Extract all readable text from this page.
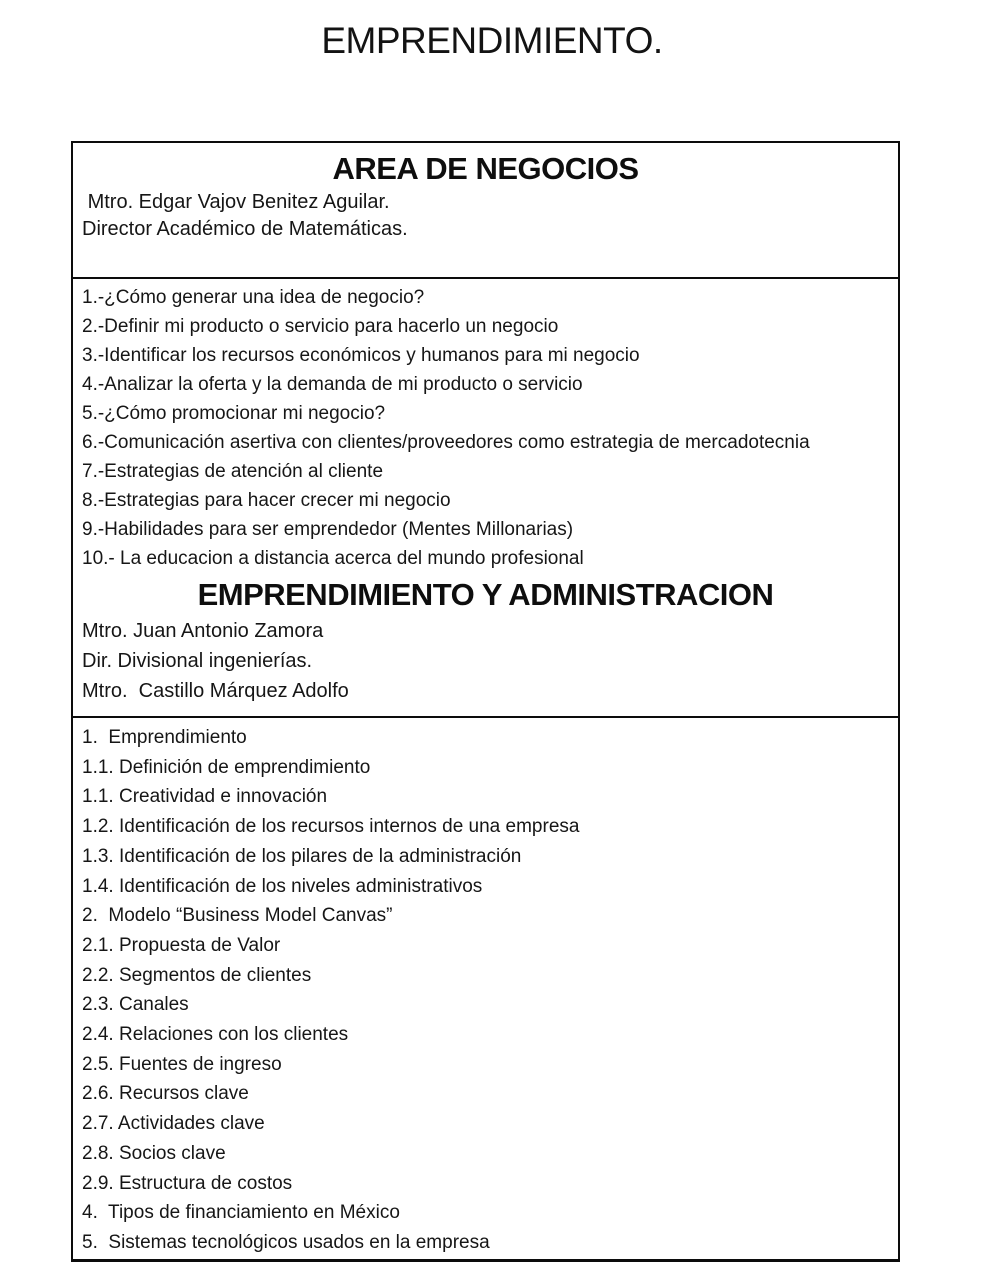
EMPRENDIMIENTO.
AREA DE NEGOCIOS

Mtro. Edgar Vajov Benitez Aguilar.

Director Académico de Matemáticas.

1.-¿Cómo generar una idea de negocio?

2.-Definir mi producto o servicio para hacerlo un negocio

3.-Identificar los recursos económicos y humanos para mi negocio

4.-Analizar la oferta y la demanda de mi producto o servicio

5.-¿Cómo promocionar mi negocio?

6.-Comunicación asertiva con clientes/proveedores como estrategia de mercadotecnia

7.-Estrategias de atención al cliente

8.-Estrategias para hacer crecer mi negocio

9.-Habilidades para ser emprendedor (Mentes Millonarias)

10.- La educacion a distancia acerca del mundo profesional

EMPRENDIMIENTO Y ADMINISTRACION

Mtro. Juan Antonio Zamora

Dir. Divisional ingenierías.

Mtro.  Castillo Márquez Adolfo

1.  Emprendimiento

1.1. Definición de emprendimiento

1.1. Creatividad e innovación

1.2. Identificación de los recursos internos de una empresa

1.3. Identificación de los pilares de la administración

1.4. Identificación de los niveles administrativos

2.  Modelo “Business Model Canvas”

2.1. Propuesta de Valor

2.2. Segmentos de clientes

2.3. Canales

2.4. Relaciones con los clientes

2.5. Fuentes de ingreso

2.6. Recursos clave

2.7. Actividades clave

2.8. Socios clave

2.9. Estructura de costos

4.  Tipos de financiamiento en México

5.  Sistemas tecnológicos usados en la empresa
